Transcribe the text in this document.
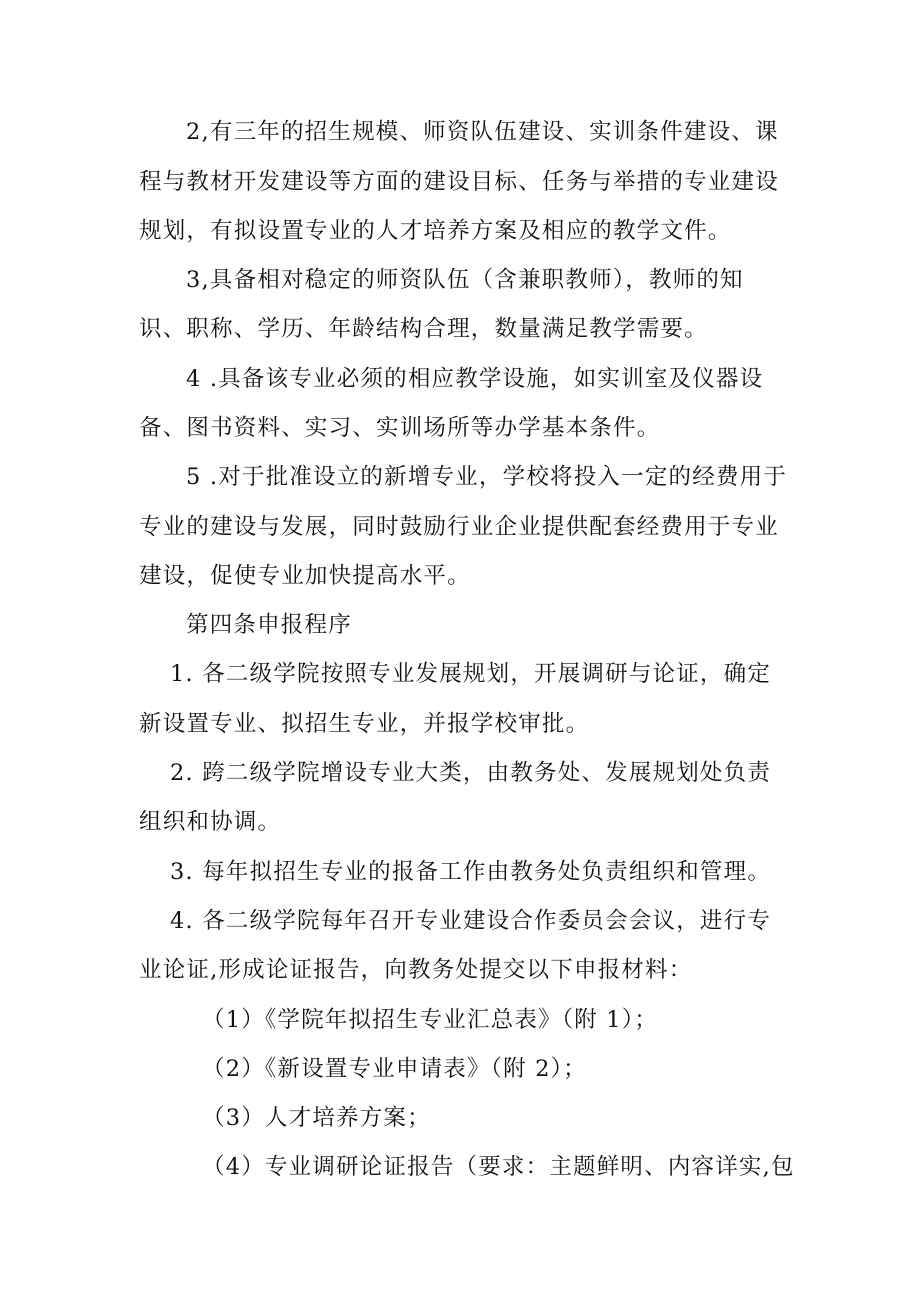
2,有三年的招生规模、师资队伍建设、实训条件建设、课
程与教材开发建设等方面的建设目标、任务与举措的专业建设
规划，有拟设置专业的人才培养方案及相应的教学文件。
3,具备相对稳定的师资队伍（含兼职教师），教师的知
识、职称、学历、年龄结构合理，数量满足教学需要。
4 .具备该专业必须的相应教学设施，如实训室及仪器设
备、图书资料、实习、实训场所等办学基本条件。
5 .对于批准设立的新增专业，学校将投入一定的经费用于
专业的建设与发展，同时鼓励行业企业提供配套经费用于专业
建设，促使专业加快提高水平。
第四条申报程序
1. 各二级学院按照专业发展规划，开展调研与论证，确定
新设置专业、拟招生专业，并报学校审批。
2. 跨二级学院增设专业大类，由教务处、发展规划处负责
组织和协调。
3. 每年拟招生专业的报备工作由教务处负责组织和管理。
4. 各二级学院每年召开专业建设合作委员会会议，进行专
业论证,形成论证报告，向教务处提交以下申报材料：
（1）《学院年拟招生专业汇总表》（附 1）；
（2）《新设置专业申请表》（附 2）；
（3）人才培养方案；
（4）专业调研论证报告（要求：主题鲜明、内容详实,包
